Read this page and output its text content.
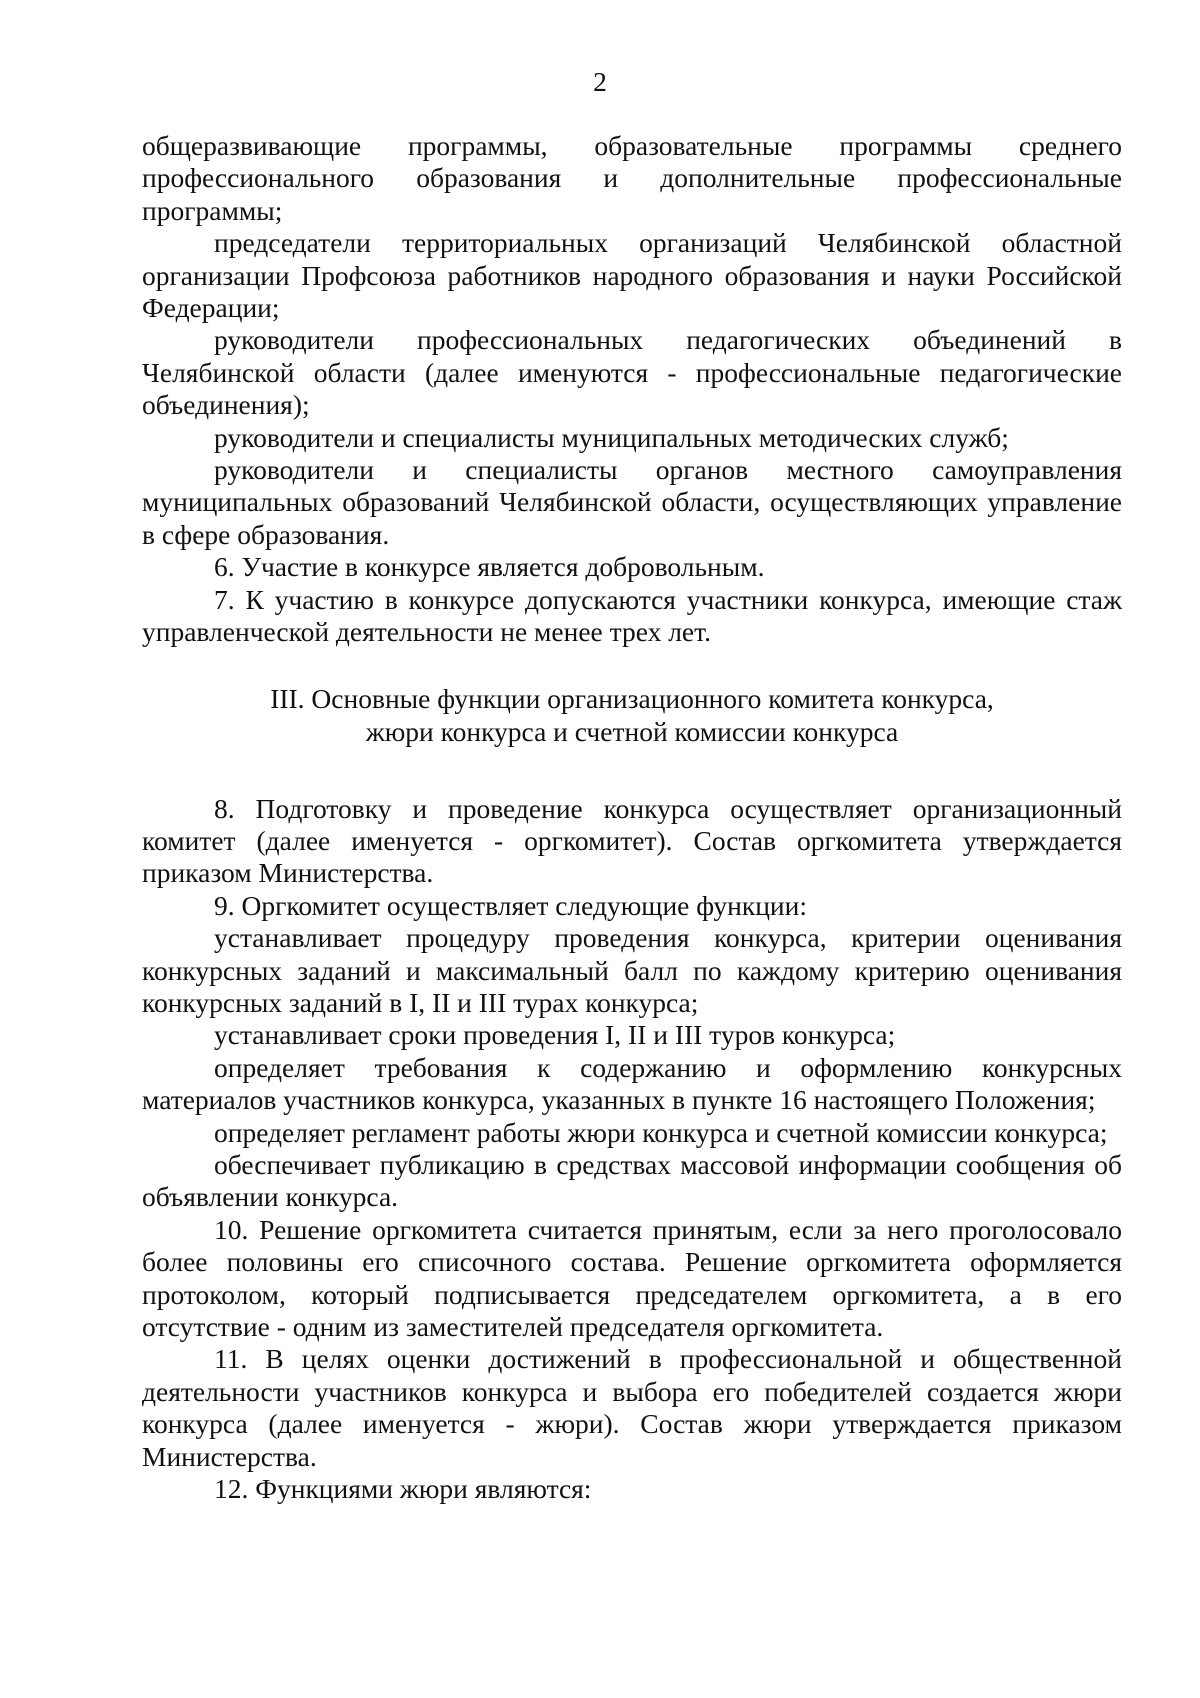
2

общеразвивающие программы, образовательные программы среднего профессионального образования и дополнительные профессиональные программы;

председатели территориальных организаций Челябинской областной организации Профсоюза работников народного образования и науки Российской Федерации;

руководители профессиональных педагогических объединений в Челябинской области (далее именуются - профессиональные педагогические объединения);

руководители и специалисты муниципальных методических служб;

руководители и специалисты органов местного самоуправления муниципальных образований Челябинской области, осуществляющих управление в сфере образования.

6. Участие в конкурсе является добровольным.

7. К участию в конкурсе допускаются участники конкурса, имеющие стаж управленческой деятельности не менее трех лет.

III. Основные функции организационного комитета конкурса,
жюри конкурса и счетной комиссии конкурса

8. Подготовку и проведение конкурса осуществляет организационный комитет (далее именуется - оргкомитет). Состав оргкомитета утверждается приказом Министерства.

9. Оргкомитет осуществляет следующие функции:

устанавливает процедуру проведения конкурса, критерии оценивания конкурсных заданий и максимальный балл по каждому критерию оценивания конкурсных заданий в I, II и III турах конкурса;

устанавливает сроки проведения I, II и III туров конкурса;

определяет требования к содержанию и оформлению конкурсных материалов участников конкурса, указанных в пункте 16 настоящего Положения;

определяет регламент работы жюри конкурса и счетной комиссии конкурса;

обеспечивает публикацию в средствах массовой информации сообщения об объявлении конкурса.

10. Решение оргкомитета считается принятым, если за него проголосовало более половины его списочного состава. Решение оргкомитета оформляется протоколом, который подписывается председателем оргкомитета, а в его отсутствие - одним из заместителей председателя оргкомитета.

11. В целях оценки достижений в профессиональной и общественной деятельности участников конкурса и выбора его победителей создается жюри конкурса (далее именуется - жюри). Состав жюри утверждается приказом Министерства.

12. Функциями жюри являются:
